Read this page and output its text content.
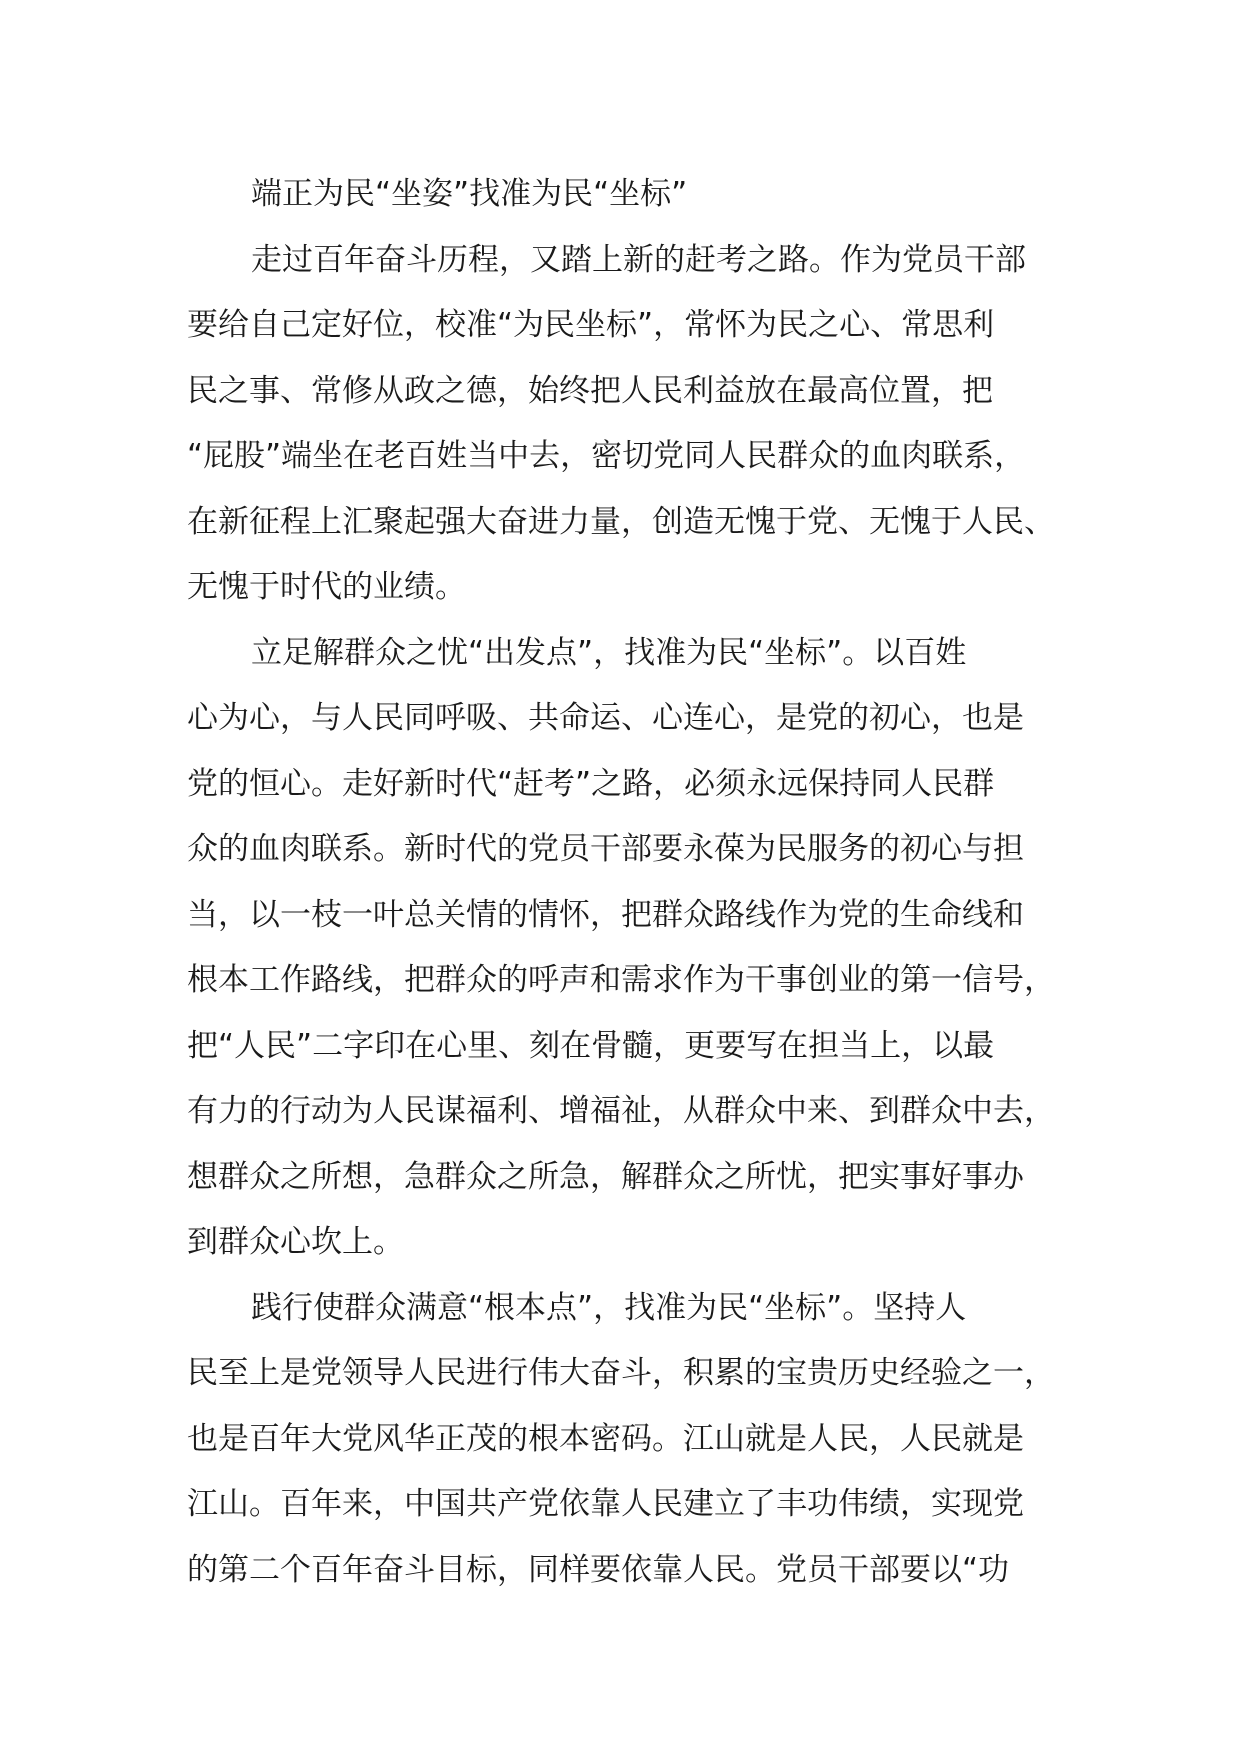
端正为民“坐姿”找准为民“坐标”
走过百年奋斗历程，又踏上新的赶考之路。作为党员干部
要给自己定好位，校准“为民坐标”，常怀为民之心、常思利
民之事、常修从政之德，始终把人民利益放在最高位置，把
“屁股”端坐在老百姓当中去，密切党同人民群众的血肉联系，
在新征程上汇聚起强大奋进力量，创造无愧于党、无愧于人民、
无愧于时代的业绩。
立足解群众之忧“出发点”，找准为民“坐标”。以百姓
心为心，与人民同呼吸、共命运、心连心，是党的初心，也是
党的恒心。走好新时代“赶考”之路，必须永远保持同人民群
众的血肉联系。新时代的党员干部要永葆为民服务的初心与担
当，以一枝一叶总关情的情怀，把群众路线作为党的生命线和
根本工作路线，把群众的呼声和需求作为干事创业的第一信号，
把“人民”二字印在心里、刻在骨髓，更要写在担当上，以最
有力的行动为人民谋福利、增福祉，从群众中来、到群众中去，
想群众之所想，急群众之所急，解群众之所忧，把实事好事办
到群众心坎上。
践行使群众满意“根本点”，找准为民“坐标”。坚持人
民至上是党领导人民进行伟大奋斗，积累的宝贵历史经验之一，
也是百年大党风华正茂的根本密码。江山就是人民，人民就是
江山。百年来，中国共产党依靠人民建立了丰功伟绩，实现党
的第二个百年奋斗目标，同样要依靠人民。党员干部要以“功
